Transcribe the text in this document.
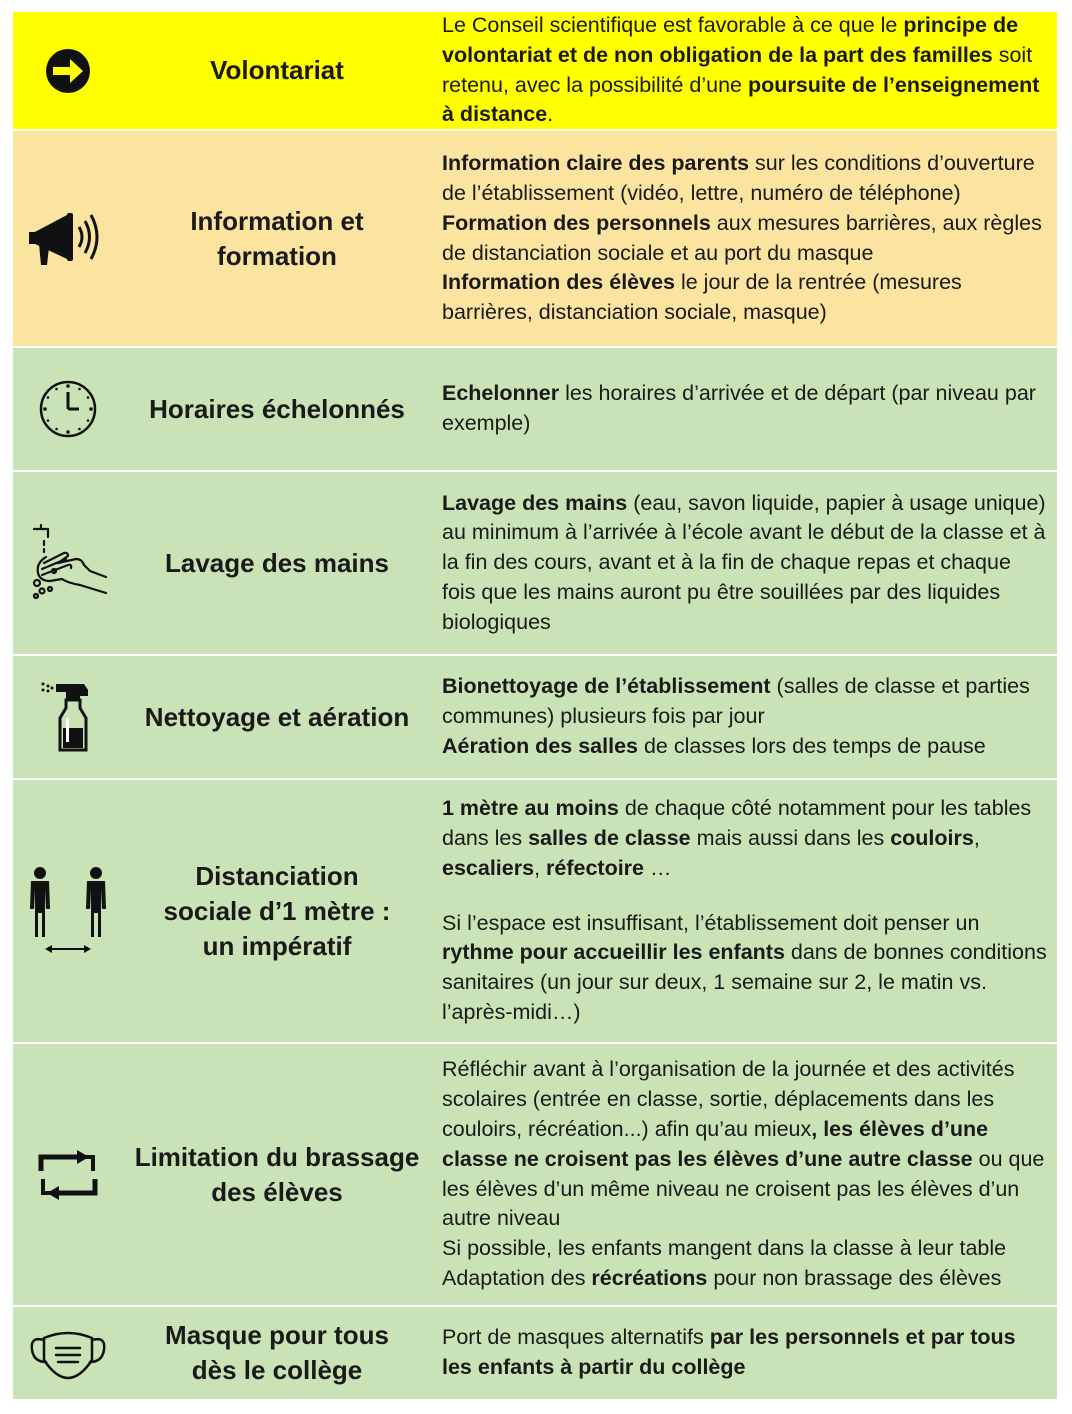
Volontariat

Le Conseil scientifique est favorable à ce que le principe de volontariat et de non obligation de la part des familles soit retenu, avec la possibilité d’une poursuite de l’enseignement à distance.

Information et
formation

Information claire des parents sur les conditions d’ouverture de l’établissement (vidéo, lettre, numéro de téléphone)

Formation des personnels aux mesures barrières, aux règles de distanciation sociale et au port du masque

Information des élèves le jour de la rentrée (mesures barrières, distanciation sociale, masque)

Horaires échelonnés

Echelonner les horaires d’arrivée et de départ (par niveau par exemple)

Lavage des mains

Lavage des mains (eau, savon liquide, papier à usage unique) au minimum à l’arrivée à l’école avant le début de la classe et à la fin des cours, avant et à la fin de chaque repas et chaque fois que les mains auront pu être souillées par des liquides biologiques

Nettoyage et aération

Bionettoyage de l’établissement (salles de classe et parties communes) plusieurs fois par jour

Aération des salles de classes lors des temps de pause

Distanciation
sociale d’1 mètre :
un impératif

1 mètre au moins de chaque côté notamment pour les tables dans les salles de classe mais aussi dans les couloirs, escaliers, réfectoire …

Si l’espace est insuffisant, l’établissement doit penser un rythme pour accueillir les enfants dans de bonnes conditions sanitaires (un jour sur deux, 1 semaine sur 2, le matin vs. l’après-midi…)

Limitation du brassage
des élèves

Réfléchir avant à l’organisation de la journée et des activités scolaires (entrée en classe, sortie, déplacements dans les couloirs, récréation...) afin qu’au mieux, les élèves d’une classe ne croisent pas les élèves d’une autre classe ou que les élèves d’un même niveau ne croisent pas les élèves d’un autre niveau

Si possible, les enfants mangent dans la classe à leur table

Adaptation des récréations pour non brassage des élèves

Masque pour tous
dès le collège

Port de masques alternatifs par les personnels et par tous les enfants à partir du collège
